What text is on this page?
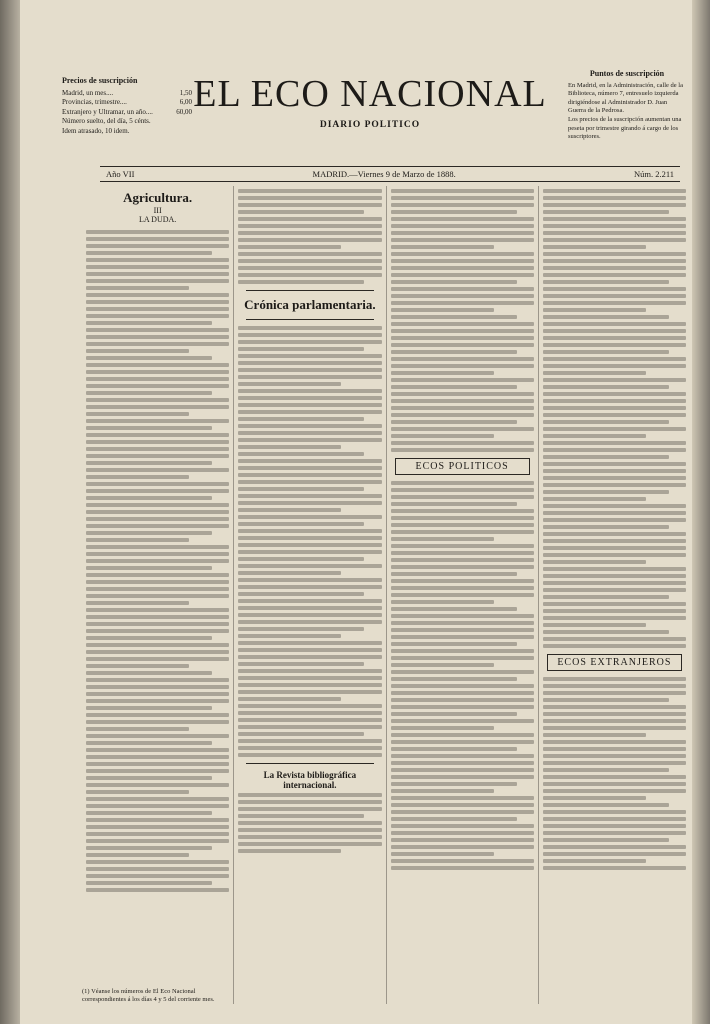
Precios de suscripción
Madrid, un mes....	1,50
Provincias, trimestre....	6,00
Extranjero y Ultramar, un año....	60,00
Número suelto, del día, 5 cénts.
Idem atrasado, 10 idem.
EL ECO NACIONAL
DIARIO POLITICO
Puntos de suscripción
En Madrid, en la Administración, calle de la Biblioteca, número 7, entresuelo izquierda dirigiéndose al Administrador D. Juan Guerra de la Pedrosa.
Los precios de la suscripción aumentan una peseta por trimestre girando á cargo de los suscriptores.
Año VII	MADRID.—Viernes 9 de Marzo de 1888.	Núm. 2.211
Agricultura.
III
LA DUDA.
(1) Véanse los números de El Eco Nacional correspondientes á los días 4 y 5 del corriente mes.
Crónica parlamentaria.
La Revista bibliográfica internacional.
ECOS POLITICOS
ECOS EXTRANJEROS
